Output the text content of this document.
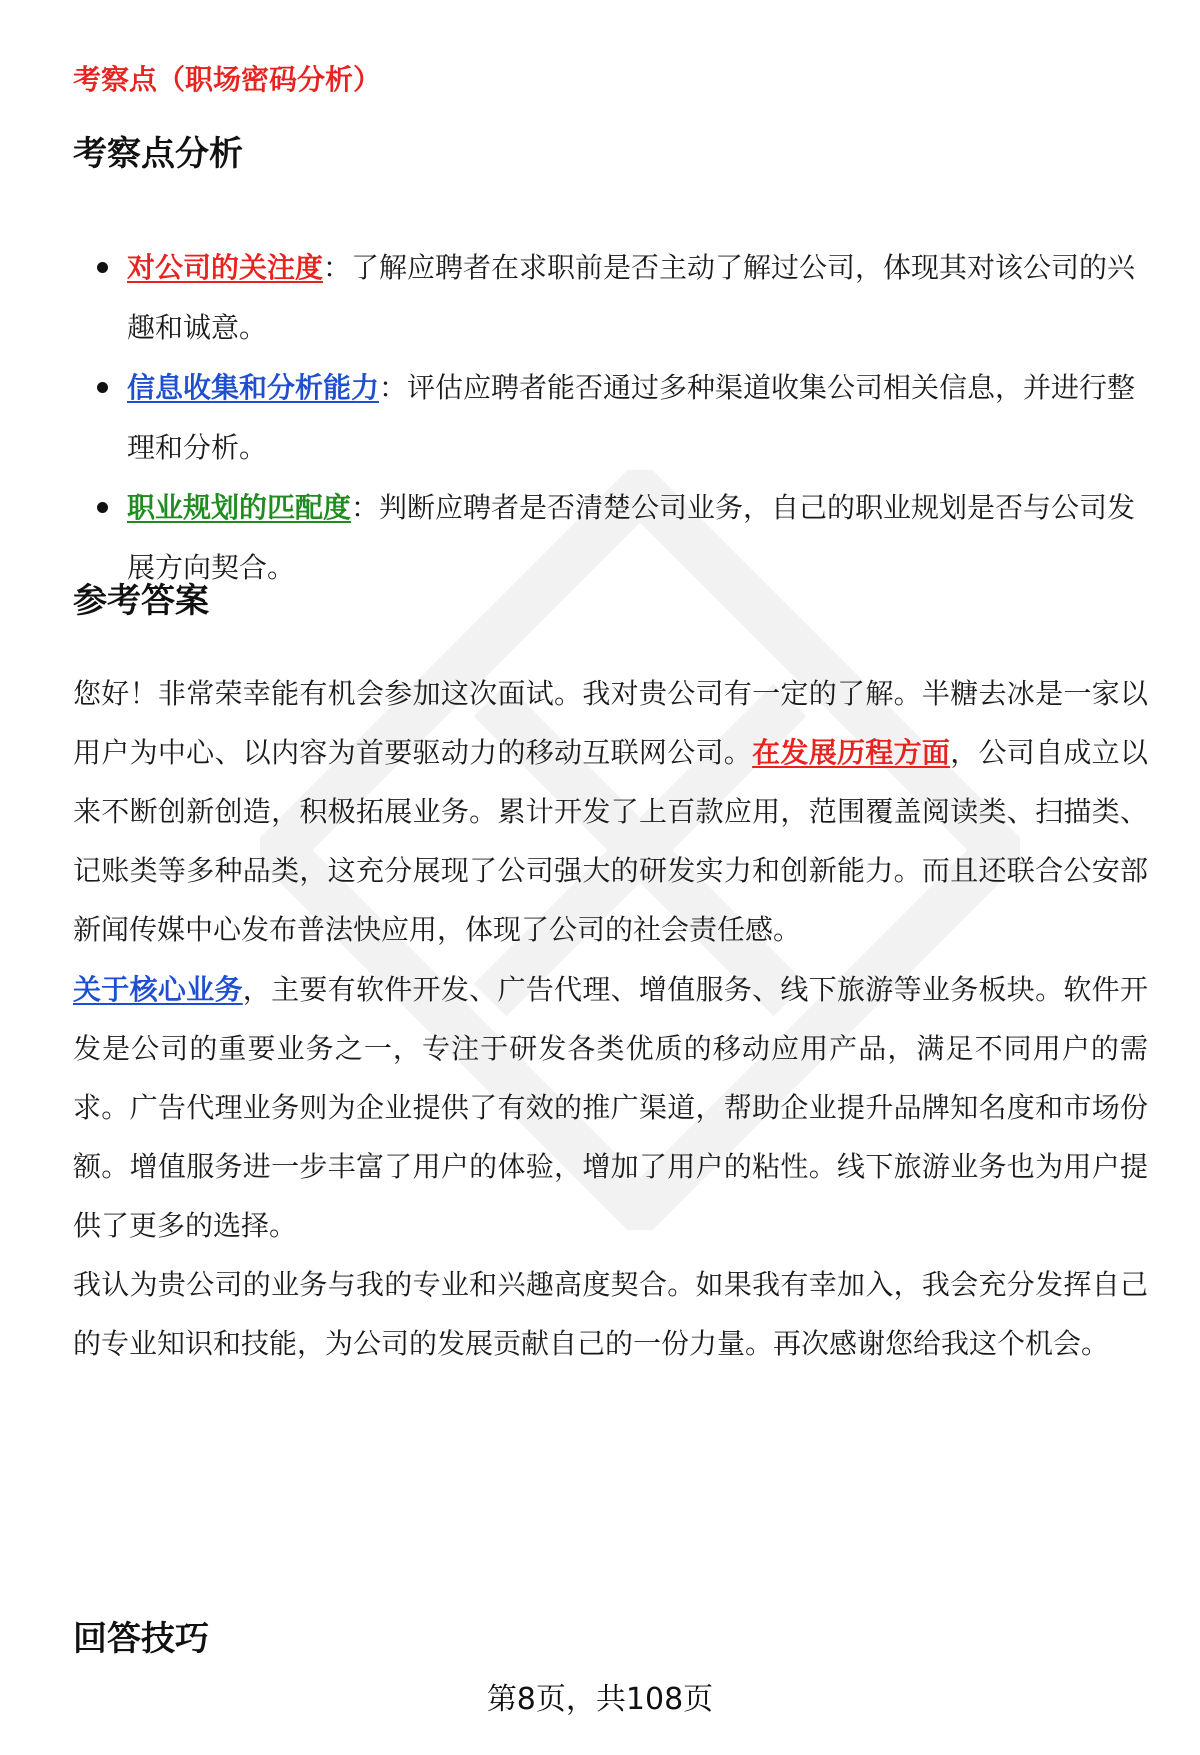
考察点（职场密码分析）
考察点分析
对公司的关注度：了解应聘者在求职前是否主动了解过公司，体现其对该公司的兴趣和诚意。
信息收集和分析能力：评估应聘者能否通过多种渠道收集公司相关信息，并进行整理和分析。
职业规划的匹配度：判断应聘者是否清楚公司业务，自己的职业规划是否与公司发展方向契合。
参考答案

您好！非常荣幸能有机会参加这次面试。我对贵公司有一定的了解。半糖去冰是一家以用户为中心、以内容为首要驱动力的移动互联网公司。在发展历程方面，公司自成立以来不断创新创造，积极拓展业务。累计开发了上百款应用，范围覆盖阅读类、扫描类、记账类等多种品类，这充分展现了公司强大的研发实力和创新能力。而且还联合公安部新闻传媒中心发布普法快应用，体现了公司的社会责任感。

关于核心业务，主要有软件开发、广告代理、增值服务、线下旅游等业务板块。软件开发是公司的重要业务之一，专注于研发各类优质的移动应用产品，满足不同用户的需求。广告代理业务则为企业提供了有效的推广渠道，帮助企业提升品牌知名度和市场份额。增值服务进一步丰富了用户的体验，增加了用户的粘性。线下旅游业务也为用户提供了更多的选择。

我认为贵公司的业务与我的专业和兴趣高度契合。如果我有幸加入，我会充分发挥自己的专业知识和技能，为公司的发展贡献自己的一份力量。再次感谢您给我这个机会。

回答技巧
第8页，共108页
